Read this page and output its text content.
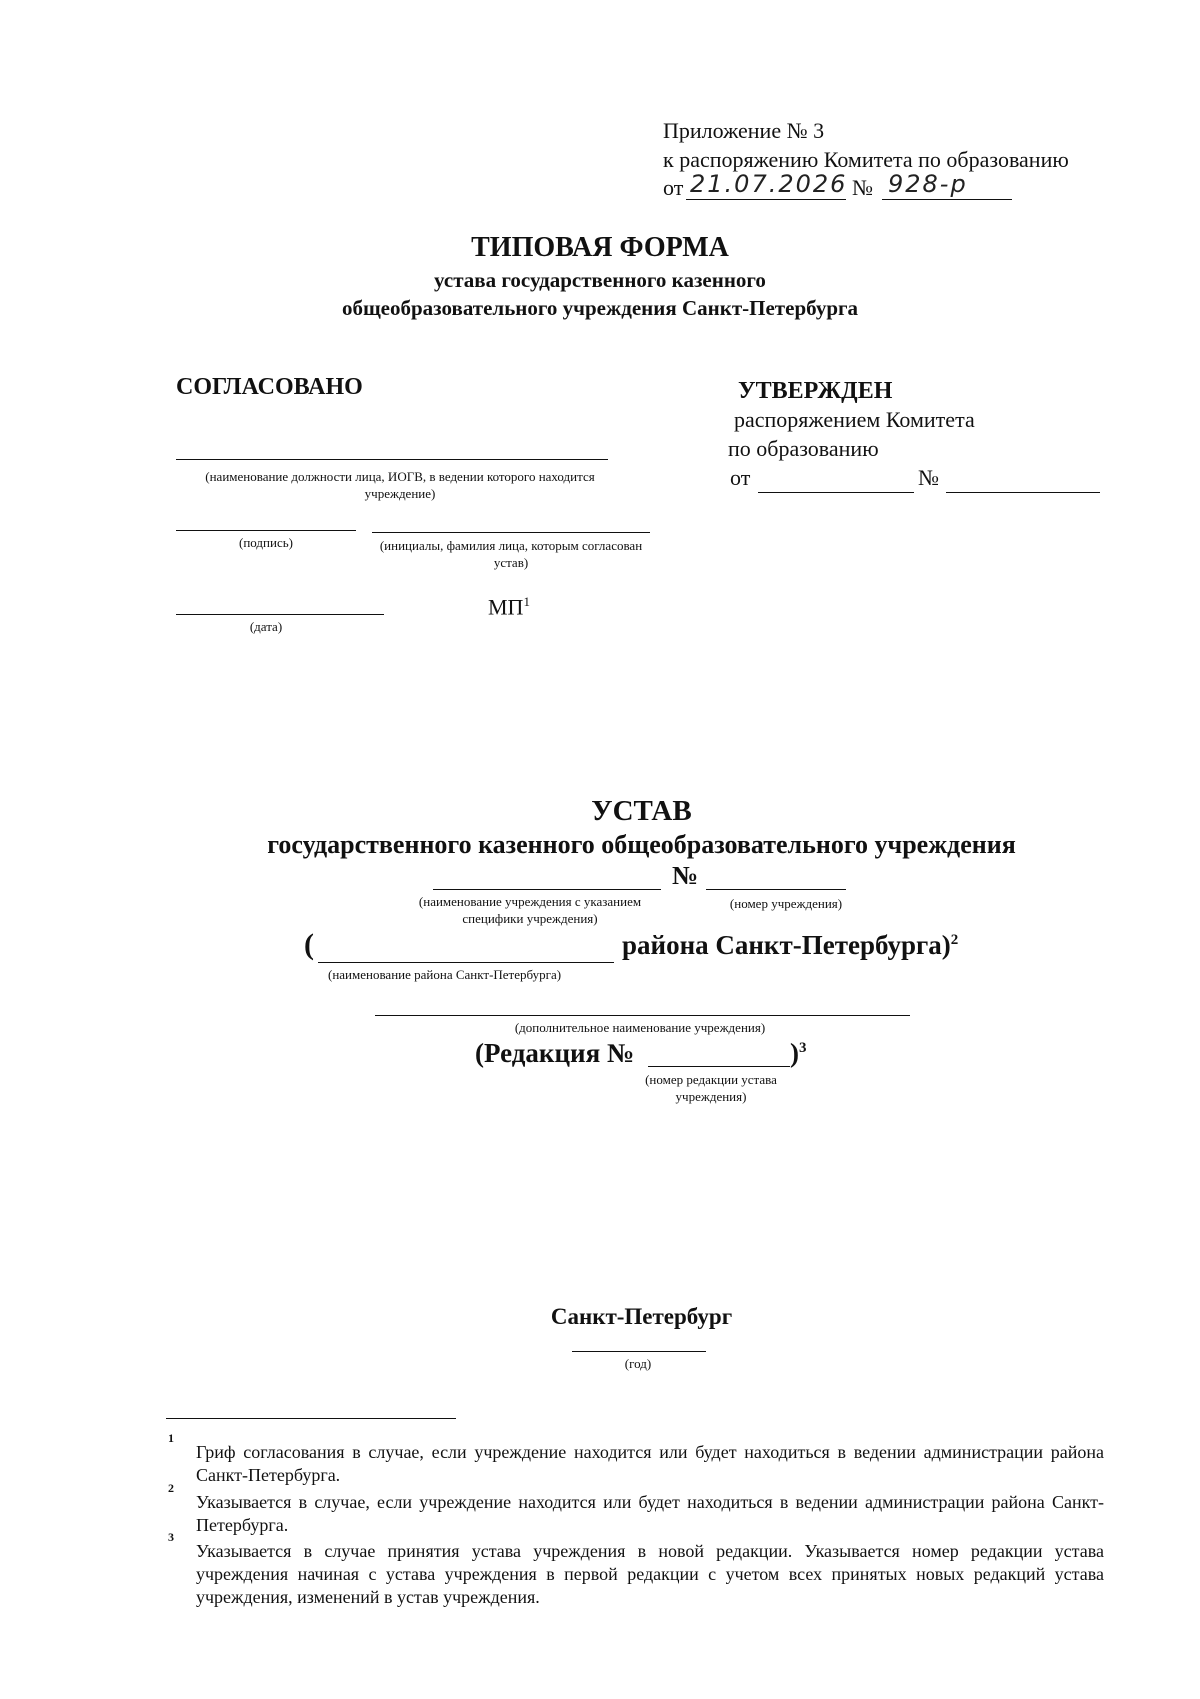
Приложение № 3
к распоряжению Комитета по образованию
от 21.07.2026 № 928-р
ТИПОВАЯ ФОРМА
устава государственного казенного
общеобразовательного учреждения Санкт-Петербурга
СОГЛАСОВАНО
(наименование должности лица, ИОГВ, в ведении которого находится учреждение)
(подпись)	(инициалы, фамилия лица, которым согласован устав)
$МП^1$
(дата)
УТВЕРЖДЕН
распоряжением Комитета
по образованию
от	№
УСТАВ
государственного казенного общеобразовательного учреждения
№
(наименование учреждения с указанием специфики учреждения)
(номер учреждения)
(	района Санкт-Петербурга)$^2$
(наименование района Санкт-Петербурга)
(дополнительное наименование учреждения)
(Редакция №	)$^3$
(номер редакции устава учреждения)
Санкт-Петербург
(год)
1
Гриф согласования в случае, если учреждение находится или будет находиться в ведении администрации района Санкт-Петербурга.
2
Указывается в случае, если учреждение находится или будет находиться в ведении администрации района Санкт-Петербурга.
3
Указывается в случае принятия устава учреждения в новой редакции. Указывается номер редакции устава учреждения начиная с устава учреждения в первой редакции с учетом всех принятых новых редакций устава учреждения, изменений в устав учреждения.
